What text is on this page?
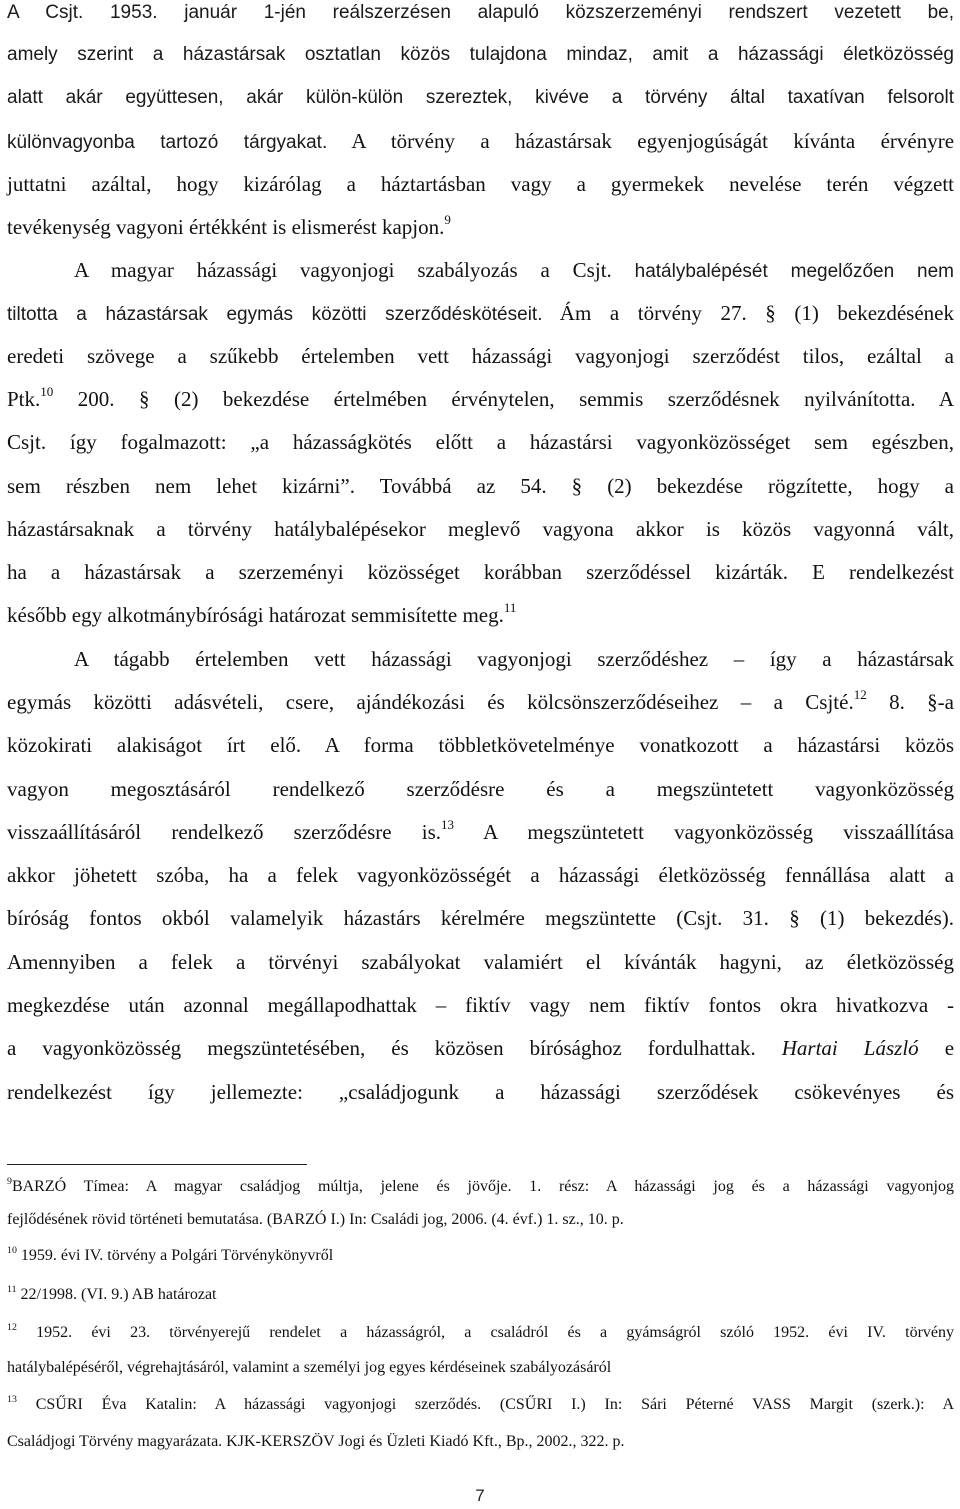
A Csjt. 1953. január 1-jén reálszerzésen alapuló közszerzeményi rendszert vezetett be,
amely szerint a házastársak osztatlan közös tulajdona mindaz, amit a házassági életközösség
alatt akár együttesen, akár külön-külön szereztek, kivéve a törvény által taxatívan felsorolt
különvagyonba tartozó tárgyakat. A törvény a házastársak egyenjogúságát kívánta érvényre
juttatni azáltal, hogy kizárólag a háztartásban vagy a gyermekek nevelése terén végzett
tevékenység vagyoni értékként is elismerést kapjon.$^9$
A magyar házassági vagyonjogi szabályozás a Csjt. hatálybalépését megelőzően nem
tiltotta a házastársak egymás közötti szerződéskötéseit. Ám a törvény 27. § (1) bekezdésének
eredeti szövege a szűkebb értelemben vett házassági vagyonjogi szerződést tilos, ezáltal a
Ptk.$^{10}$ 200. § (2) bekezdése értelmében érvénytelen, semmis szerződésnek nyilvánította. A
Csjt. így fogalmazott: „a házasságkötés előtt a házastársi vagyonközösséget sem egészben,
sem részben nem lehet kizárni”. Továbbá az 54. § (2) bekezdése rögzítette, hogy a
házastársaknak a törvény hatálybalépésekor meglevő vagyona akkor is közös vagyonná vált,
ha a házastársak a szerzeményi közösséget korábban szerződéssel kizárták. E rendelkezést
később egy alkotmánybírósági határozat semmisítette meg.$^{11}$
A tágabb értelemben vett házassági vagyonjogi szerződéshez – így a házastársak
egymás közötti adásvételi, csere, ajándékozási és kölcsönszerződéseihez – a Csjté.$^{12}$ 8. §-a
közokirati alakiságot írt elő. A forma többletkövetelménye vonatkozott a házastársi közös
vagyon megosztásáról rendelkező szerződésre és a megszüntetett vagyonközösség
visszaállításáról rendelkező szerződésre is.$^{13}$ A megszüntetett vagyonközösség visszaállítása
akkor jöhetett szóba, ha a felek vagyonközösségét a házassági életközösség fennállása alatt a
bíróság fontos okból valamelyik házastárs kérelmére megszüntette (Csjt. 31. § (1) bekezdés).
Amennyiben a felek a törvényi szabályokat valamiért el kívánták hagyni, az életközösség
megkezdése után azonnal megállapodhattak – fiktív vagy nem fiktív fontos okra hivatkozva -
a vagyonközösség megszüntetésében, és közösen bírósághoz fordulhattak. Hartai László e
rendelkezést így jellemezte: „családjogunk a házassági szerződések csökevényes és
$^9$BARZÓ Tímea: A magyar családjog múltja, jelene és jövője. 1. rész: A házassági jog és a házassági vagyonjog
fejlődésének rövid történeti bemutatása. (BARZÓ I.) In: Családi jog, 2006. (4. évf.) 1. sz., 10. p.
$^{10}$ 1959. évi IV. törvény a Polgári Törvénykönyvről
$^{11}$ 22/1998. (VI. 9.) AB határozat
$^{12}$ 1952. évi 23. törvényerejű rendelet a házasságról, a családról és a gyámságról szóló 1952. évi IV. törvény
hatálybalépéséről, végrehajtásáról, valamint a személyi jog egyes kérdéseinek szabályozásáról
$^{13}$ CSŰRI Éva Katalin: A házassági vagyonjogi szerződés. (CSŰRI I.) In: Sári Péterné VASS Margit (szerk.): A
Családjogi Törvény magyarázata. KJK-KERSZÖV Jogi és Üzleti Kiadó Kft., Bp., 2002., 322. p.
7
